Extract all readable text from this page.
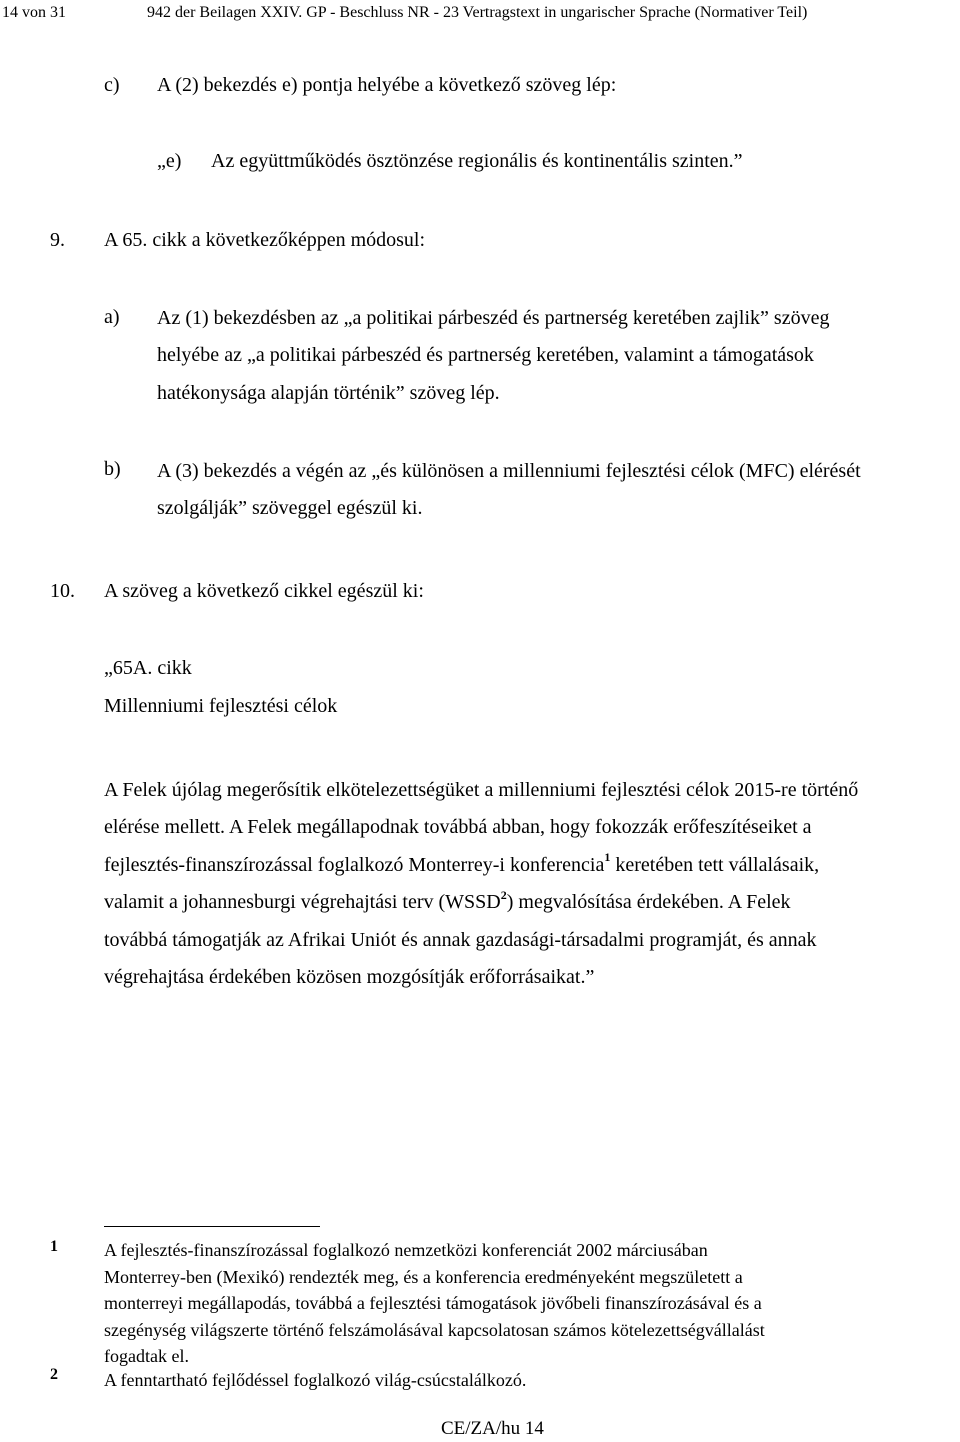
14 von 31	942 der Beilagen XXIV. GP - Beschluss NR - 23 Vertragstext in ungarischer Sprache (Normativer Teil)
c) A (2) bekezdés e) pontja helyébe a következő szöveg lép:
„e) Az együttműködés ösztönzése regionális és kontinentális szinten.”
9. A 65. cikk a következőképpen módosul:
a) Az (1) bekezdésben az „a politikai párbeszéd és partnerség keretében zajlik” szöveg
helyébe az „a politikai párbeszéd és partnerség keretében, valamint a támogatások
hatékonysága alapján történik” szöveg lép.
b) A (3) bekezdés a végén az „és különösen a millenniumi fejlesztési célok (MFC) elérését
szolgálják” szöveggel egészül ki.
10. A szöveg a következő cikkel egészül ki:
„65A. cikk
Millenniumi fejlesztési célok
A Felek újólag megerősítik elkötelezettségüket a millenniumi fejlesztési célok 2015-re történő
elérése mellett. A Felek megállapodnak továbbá abban, hogy fokozzák erőfeszítéseiket a
fejlesztés-finanszírozással foglalkozó Monterrey-i konferencia$^1$ keretében tett vállalásaik,
valamit a johannesburgi végrehajtási terv (WSSD$^2$) megvalósítása érdekében. A Felek
továbbá támogatják az Afrikai Uniót és annak gazdasági-társadalmi programját, és annak
végrehajtása érdekében közösen mozgósítják erőforrásaikat.”
1	A fejlesztés-finanszírozással foglalkozó nemzetközi konferenciát 2002 márciusában
Monterrey-ben (Mexikó) rendezték meg, és a konferencia eredményeként megszületett a
monterreyi megállapodás, továbbá a fejlesztési támogatások jövőbeli finanszírozásával és a
szegénység világszerte történő felszámolásával kapcsolatosan számos kötelezettségvállalást
fogadtak el.
2	A fenntartható fejlődéssel foglalkozó világ-csúcstalálkozó.
CE/ZA/hu 14
